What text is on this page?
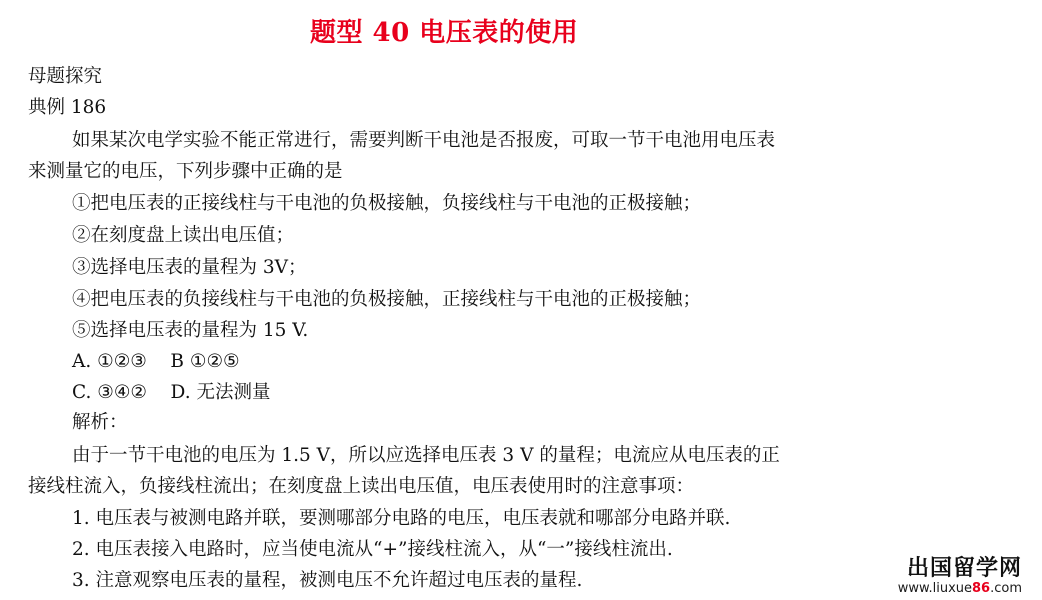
题型 40 电压表的使用
母题探究
典例 186
如果某次电学实验不能正常进行，需要判断干电池是否报废，可取一节干电池用电压表
来测量它的电压，下列步骤中正确的是
①把电压表的正接线柱与干电池的负极接触，负接线柱与干电池的正极接触；
②在刻度盘上读出电压值；
③选择电压表的量程为 3V；
④把电压表的负接线柱与干电池的负极接触，正接线柱与干电池的正极接触；
⑤选择电压表的量程为 15 V.
A. ①②③    B ①②⑤
C. ③④②    D. 无法测量
解析：
由于一节干电池的电压为 1.5 V，所以应选择电压表 3 V 的量程；电流应从电压表的正
接线柱流入，负接线柱流出；在刻度盘上读出电压值，电压表使用时的注意事项：
1. 电压表与被测电路并联，要测哪部分电路的电压，电压表就和哪部分电路并联.
2. 电压表接入电路时，应当使电流从“+”接线柱流入，从“一”接线柱流出.
3. 注意观察电压表的量程，被测电压不允许超过电压表的量程.	出国留学网
www.liuxue86.com
